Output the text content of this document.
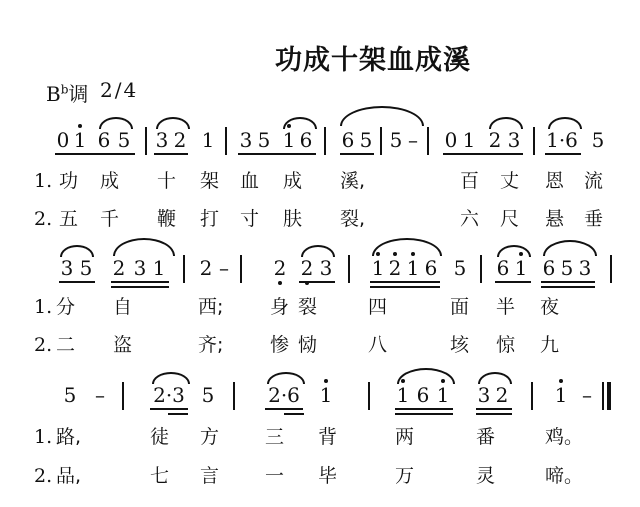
功成十架血成溪
$B^b$调 2/4
0 1 6 5 3 2 1 3 5 1 6 6 5 5 – 0 1 2 3 1·6 5
1. 功 成 十 架 血 成 溪,	百 丈 恩 流
2. 五 千 鞭 打 寸 肤 裂,	六 尺 悬 垂
3 5 2 3 1 2 – 2 2 3 1 2 1 6 5 6 1 6 5 3
1. 分 自	西; 身 裂	四	面 半 夜
2. 二 盗	齐; 惨 恸	八	垓 惊 九
5 – 2·3 5	2·6 1	1 6 1 3 2 1 –
1. 路,	徒 方 三 背	两	番	鸡。
2. 品,	七 言 一 毕	万	灵	啼。
